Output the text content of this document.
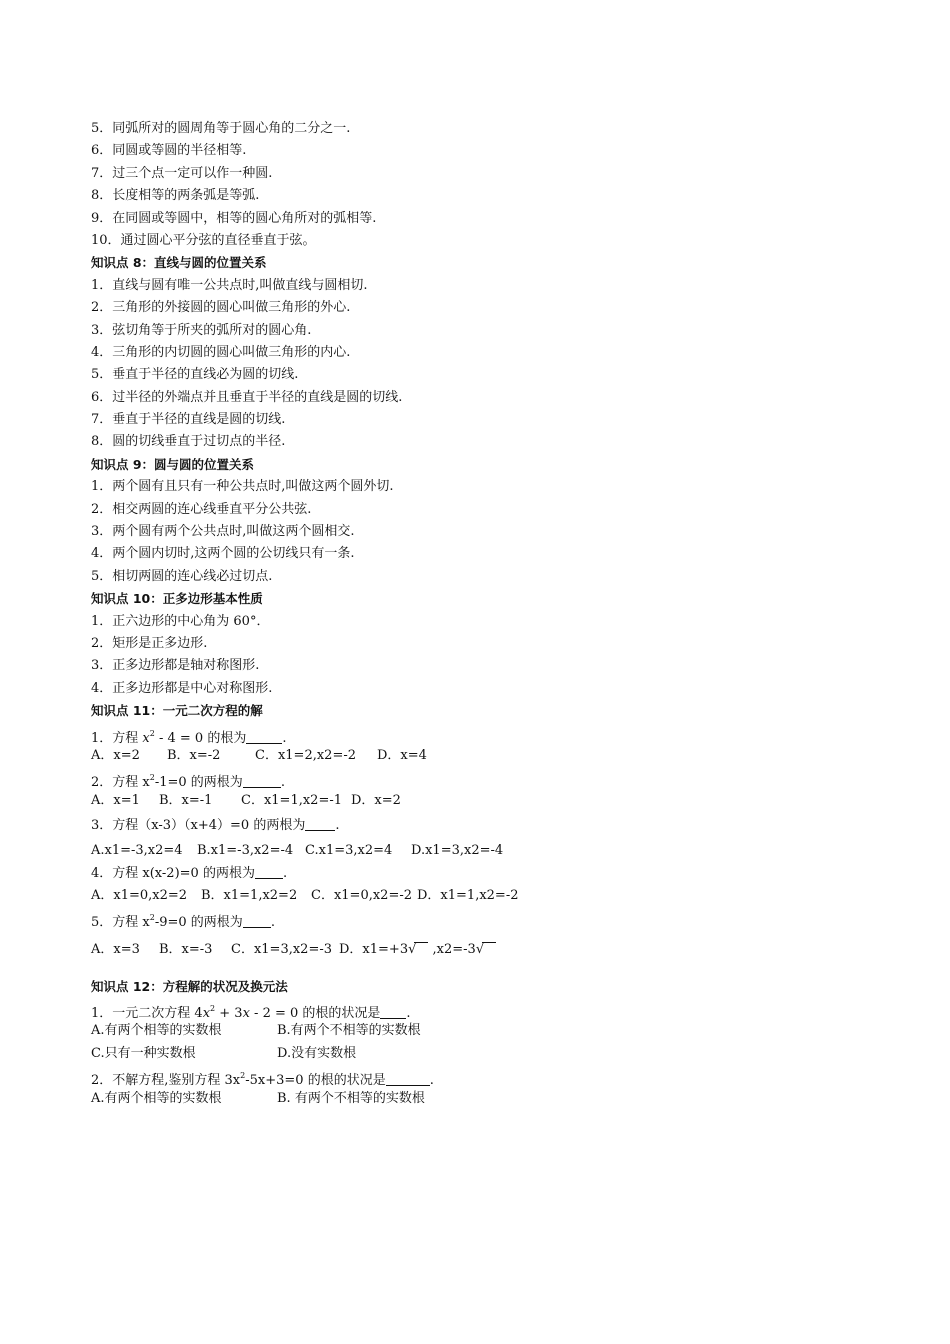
5．同弧所对的圆周角等于圆心角的二分之一.
6．同圆或等圆的半径相等.
7．过三个点一定可以作一种圆.
8．长度相等的两条弧是等弧.
9．在同圆或等圆中，相等的圆心角所对的弧相等.
10．通过圆心平分弦的直径垂直于弦。
知识点 8：直线与圆的位置关系
1．直线与圆有唯一公共点时,叫做直线与圆相切.
2．三角形的外接圆的圆心叫做三角形的外心.
3．弦切角等于所夹的弧所对的圆心角.
4．三角形的内切圆的圆心叫做三角形的内心.
5．垂直于半径的直线必为圆的切线.
6．过半径的外端点并且垂直于半径的直线是圆的切线.
7．垂直于半径的直线是圆的切线.
8．圆的切线垂直于过切点的半径.
知识点 9：圆与圆的位置关系
1．两个圆有且只有一种公共点时,叫做这两个圆外切.
2．相交两圆的连心线垂直平分公共弦.
3．两个圆有两个公共点时,叫做这两个圆相交.
4．两个圆内切时,这两个圆的公切线只有一条.
5．相切两圆的连心线必过切点.
知识点 10：正多边形基本性质
1．正六边形的中心角为 60°．
2．矩形是正多边形.
3．正多边形都是轴对称图形.
4．正多边形都是中心对称图形.
知识点 11：一元二次方程的解
1．方程 $x^2 - 4 = 0$ 的根为	.
A．x=2	B．x=-2	C．x1=2,x2=-2	D．x=4
2．方程 $x^2-1=0$ 的两根为	.
A．x=1	B．x=-1	C．x1=1,x2=-1 D．x=2
3．方程（x-3）（x+4）=0 的两根为 .
A.x1=-3,x2=4	B.x1=-3,x2=-4 C.x1=3,x2=4	D.x1=3,x2=-4
4．方程 x(x-2)=0 的两根为 .
A．x1=0,x2=2	B．x1=1,x2=2	C．x1=0,x2=-2 D．x1=1,x2=-2
5．方程 $x^2-9=0$ 的两根为 .
A．x=3	B．x=-3	C．x1=3,x2=-3 D．x1=+3√ ,x2=-3√
知识点 12：方程解的状况及换元法
1．一元二次方程 $4x^2 + 3x - 2 = 0$ 的根的状况是 .
A.有两个相等的实数根	B.有两个不相等的实数根
C.只有一种实数根	D.没有实数根
2．不解方程,鉴别方程 $3x^2-5x+3=0$ 的根的状况是	.
A.有两个相等的实数根	B. 有两个不相等的实数根
